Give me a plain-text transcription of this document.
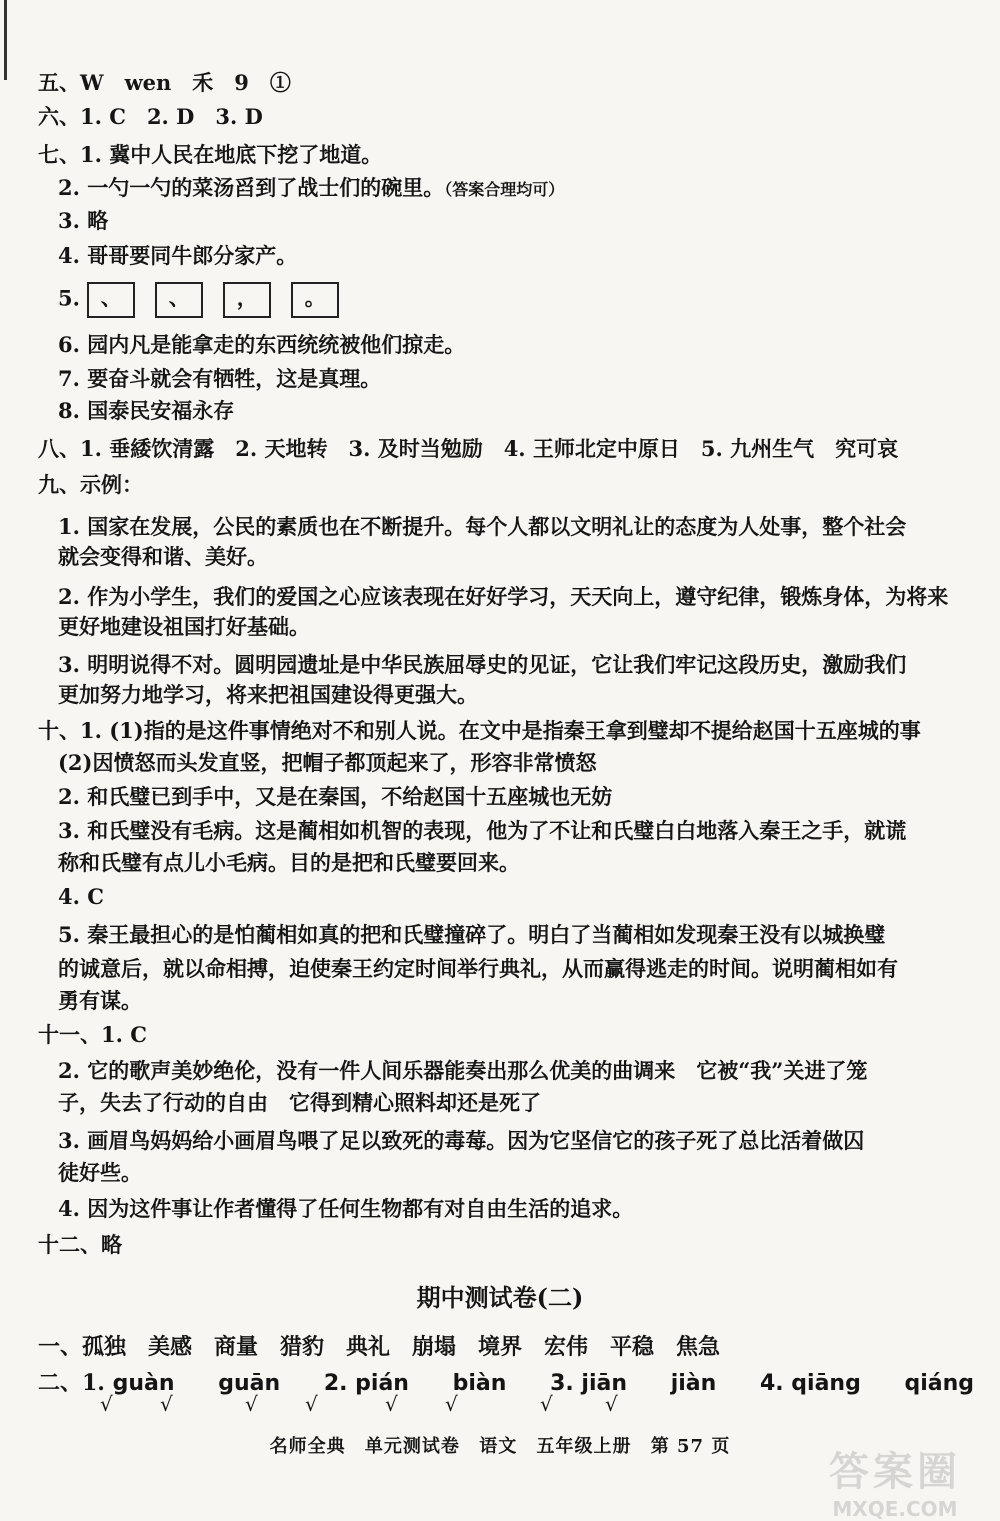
五、W　wen　禾　9　①
六、1. C　2. D　3. D
七、1. 冀中人民在地底下挖了地道。
2. 一勺一勺的菜汤舀到了战士们的碗里。（答案合理均可）
3. 略
4. 哥哥要同牛郎分家产。
5. 、 、 ， 。
6. 园内凡是能拿走的东西统统被他们掠走。
7. 要奋斗就会有牺牲，这是真理。
8. 国泰民安福永存
八、1. 垂緌饮清露　2. 天地转　3. 及时当勉励　4. 王师北定中原日　5. 九州生气　究可哀
九、示例：
1. 国家在发展，公民的素质也在不断提升。每个人都以文明礼让的态度为人处事，整个社会
就会变得和谐、美好。
2. 作为小学生，我们的爱国之心应该表现在好好学习，天天向上，遵守纪律，锻炼身体，为将来
更好地建设祖国打好基础。
3. 明明说得不对。圆明园遗址是中华民族屈辱史的见证，它让我们牢记这段历史，激励我们
更加努力地学习，将来把祖国建设得更强大。
十、1. (1)指的是这件事情绝对不和别人说。在文中是指秦王拿到璧却不提给赵国十五座城的事
(2)因愤怒而头发直竖，把帽子都顶起来了，形容非常愤怒
2. 和氏璧已到手中，又是在秦国，不给赵国十五座城也无妨
3. 和氏璧没有毛病。这是蔺相如机智的表现，他为了不让和氏璧白白地落入秦王之手，就谎
称和氏璧有点儿小毛病。目的是把和氏璧要回来。
4. C
5. 秦王最担心的是怕蔺相如真的把和氏璧撞碎了。明白了当蔺相如发现秦王没有以城换璧
的诚意后，就以命相搏，迫使秦王约定时间举行典礼，从而赢得逃走的时间。说明蔺相如有
勇有谋。
十一、1. C
2. 它的歌声美妙绝伦，没有一件人间乐器能奏出那么优美的曲调来　它被“我”关进了笼
子，失去了行动的自由　它得到精心照料却还是死了
3. 画眉鸟妈妈给小画眉鸟喂了足以致死的毒莓。因为它坚信它的孩子死了总比活着做囚
徒好些。
4. 因为这件事让作者懂得了任何生物都有对自由生活的追求。
十二、略
期中测试卷(二)
一、孤独　美感　商量　猎豹　典礼　崩塌　境界　宏伟　平稳　焦急
二、1. guàn guān 2. pián biàn 3. jiān jiàn 4. qiāng qiáng
√ √	√ √	√ √	√	√
名师全典 单元测试卷 语文 五年级上册 第 57 页
答案圈
MXQE.COM
